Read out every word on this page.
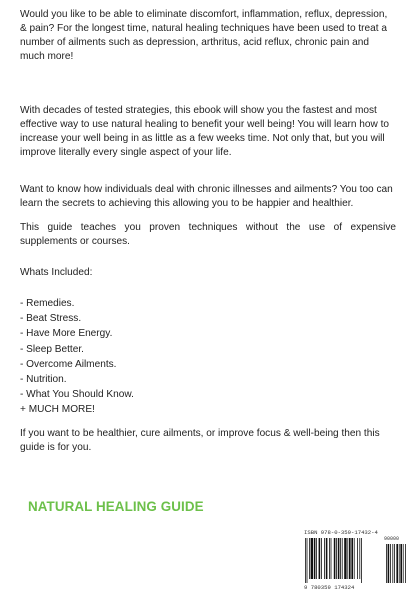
Would you like to be able to eliminate discomfort, inflammation, reflux, depression, & pain? For the longest time, natural healing techniques have been used to treat a number of ailments such as depression, arthritus, acid reflux, chronic pain and much more!

With decades of tested strategies, this ebook will show you the fastest and most effective way to use natural healing to benefit your well being! You will learn how to increase your well being in as little as a few weeks time. Not only that, but you will improve literally every single aspect of your life.

Want to know how individuals deal with chronic illnesses and ailments? You too can learn the secrets to achieving this allowing you to be happier and healthier.

This guide teaches you proven techniques without the use of expensive supplements or courses.

Whats Included:

- Remedies.
- Beat Stress.
- Have More Energy.
- Sleep Better.
- Overcome Ailments.
- Nutrition.
- What You Should Know.
+ MUCH MORE!

If you want to be healthier, cure ailments, or improve focus & well-being then this guide is for you.

NATURAL HEALING GUIDE
ISBN 978-0-359-17432-4
90000
9 780359 174324
